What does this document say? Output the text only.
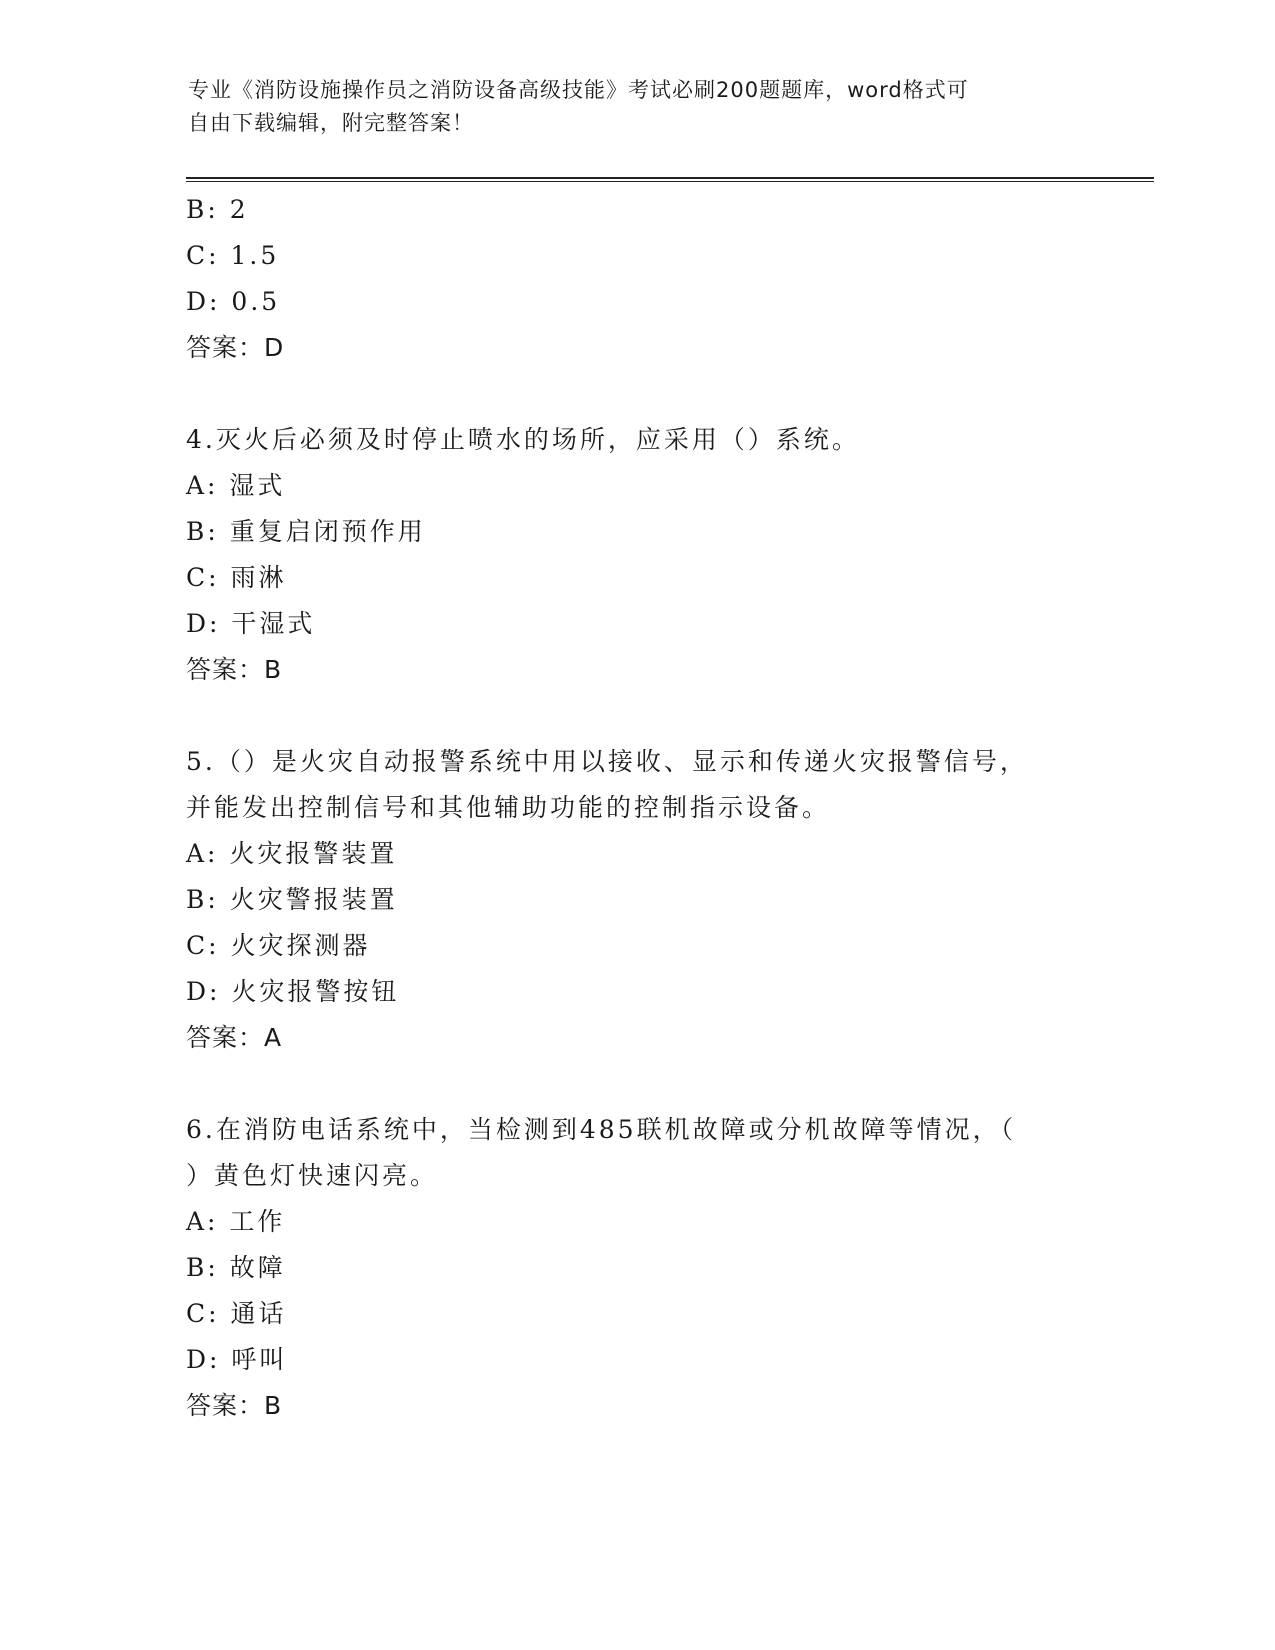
专业《消防设施操作员之消防设备高级技能》考试必刷200题题库，word格式可
自由下载编辑，附完整答案！
B: 2
C: 1.5
D: 0.5
答案：D
4.灭火后必须及时停止喷水的场所，应采用（）系统。
A: 湿式
B: 重复启闭预作用
C: 雨淋
D: 干湿式
答案：B
5.（）是火灾自动报警系统中用以接收、显示和传递火灾报警信号，
并能发出控制信号和其他辅助功能的控制指示设备。
A: 火灾报警装置
B: 火灾警报装置
C: 火灾探测器
D: 火灾报警按钮
答案：A
6.在消防电话系统中，当检测到485联机故障或分机故障等情况，（
）黄色灯快速闪亮。
A: 工作
B: 故障
C: 通话
D: 呼叫
答案：B
